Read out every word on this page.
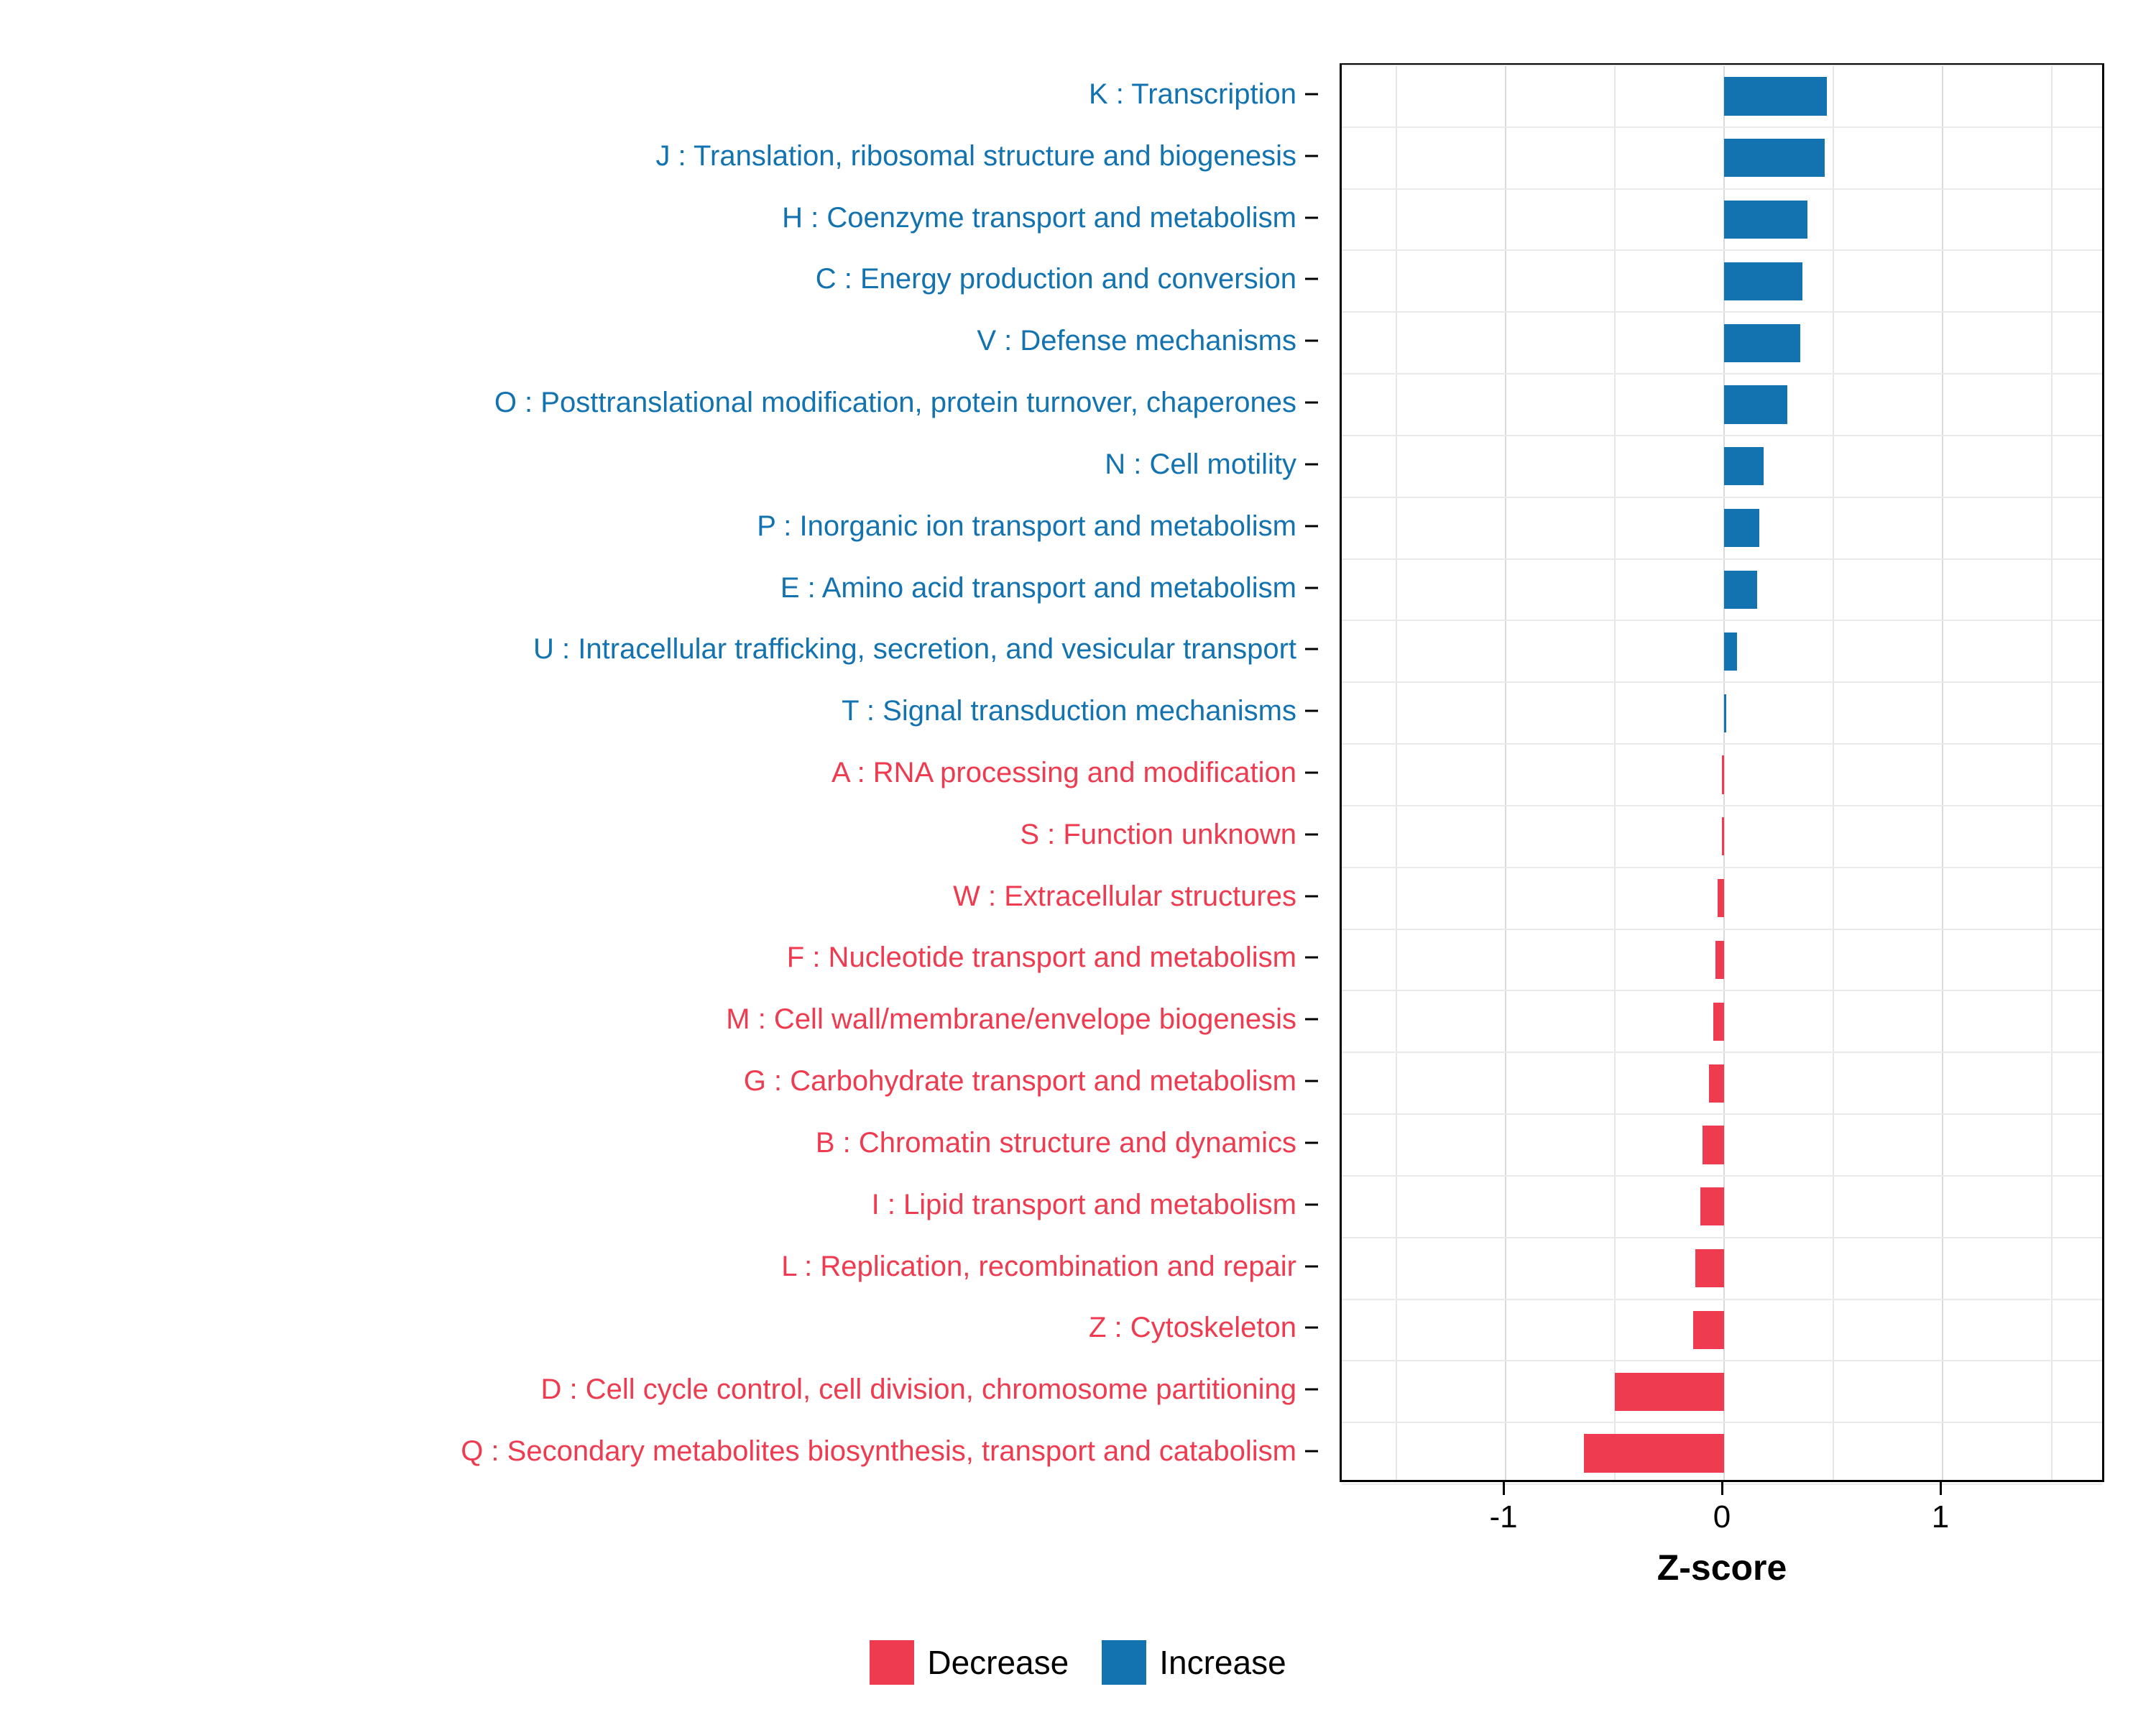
K : Transcription
J : Translation, ribosomal structure and biogenesis
H : Coenzyme transport and metabolism
C : Energy production and conversion
V : Defense mechanisms
O : Posttranslational modification, protein turnover, chaperones
N : Cell motility
P : Inorganic ion transport and metabolism
E : Amino acid transport and metabolism
U : Intracellular trafficking, secretion, and vesicular transport
T : Signal transduction mechanisms
A : RNA processing and modification
S : Function unknown
W : Extracellular structures
F : Nucleotide transport and metabolism
M : Cell wall/membrane/envelope biogenesis
G : Carbohydrate transport and metabolism
B : Chromatin structure and dynamics
I : Lipid transport and metabolism
L : Replication, recombination and repair
Z : Cytoskeleton
D : Cell cycle control, cell division, chromosome partitioning
Q : Secondary metabolites biosynthesis, transport and catabolism
Z-score
Decrease	Increase
-1	0	1
